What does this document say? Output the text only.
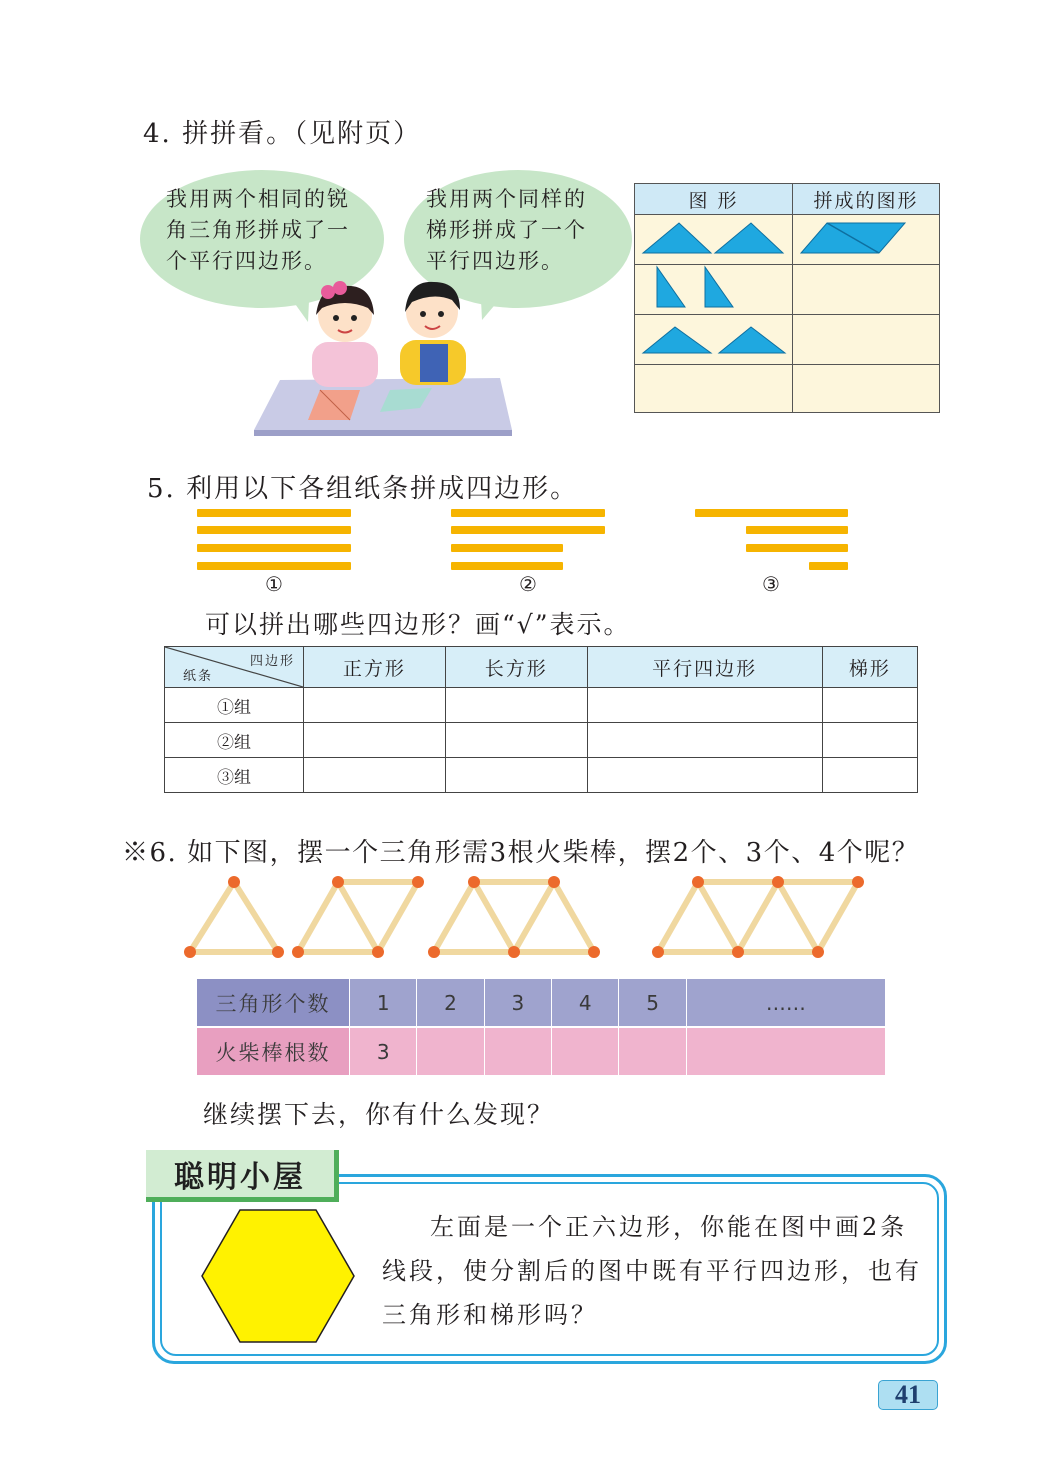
4. 拼拼看。（见附页）
我用两个相同的锐
角三角形拼成了一
个平行四边形。
我用两个同样的
梯形拼成了一个
平行四边形。
图 形	拼成的图形

5. 利用以下各组纸条拼成四边形。
①	②	③
可以拼出哪些四边形？画“√”表示。
四边形
纸条	正方形	长方形	平行四边形	梯形
①组				
②组				
③组				
※6. 如下图，摆一个三角形需3根火柴棒，摆2个、3个、4个呢？
三角形个数	1	2	3	4	5	……
火柴棒根数	3					
继续摆下去，你有什么发现？
聪明小屋
左面是一个正六边形，你能在图中画2条线段，使分割后的图中既有平行四边形，也有三角形和梯形吗？
41
